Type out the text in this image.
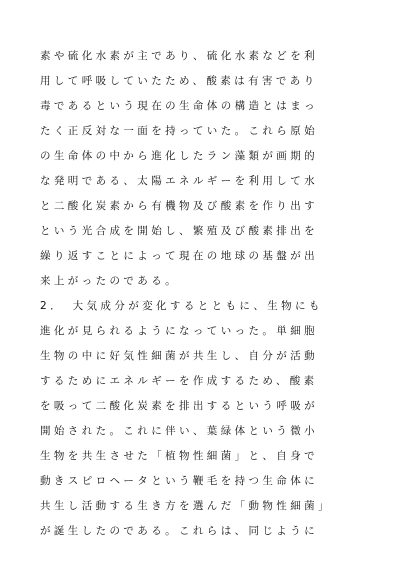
素や硫化水素が主であり、硫化水素などを利
用して呼吸していたため、酸素は有害であり
毒であるという現在の生命体の構造とはまっ
たく正反対な一面を持っていた。これら原始
の生命体の中から進化したラン藻類が画期的
な発明である、太陽エネルギーを利用して水
と二酸化炭素から有機物及び酸素を作り出す
という光合成を開始し、繁殖及び酸素排出を
繰り返すことによって現在の地球の基盤が出
来上がったのである。
2．　大気成分が変化するとともに、生物にも
進化が見られるようになっていった。単細胞
生物の中に好気性細菌が共生し、自分が活動
するためにエネルギーを作成するため、酸素
を吸って二酸化炭素を排出するという呼吸が
開始された。これに伴い、葉緑体という微小
生物を共生させた「植物性細菌」と、自身で
動きスピロヘータという鞭毛を持つ生命体に
共生し活動する生き方を選んだ「動物性細菌」
が誕生したのである。これらは、同じように
